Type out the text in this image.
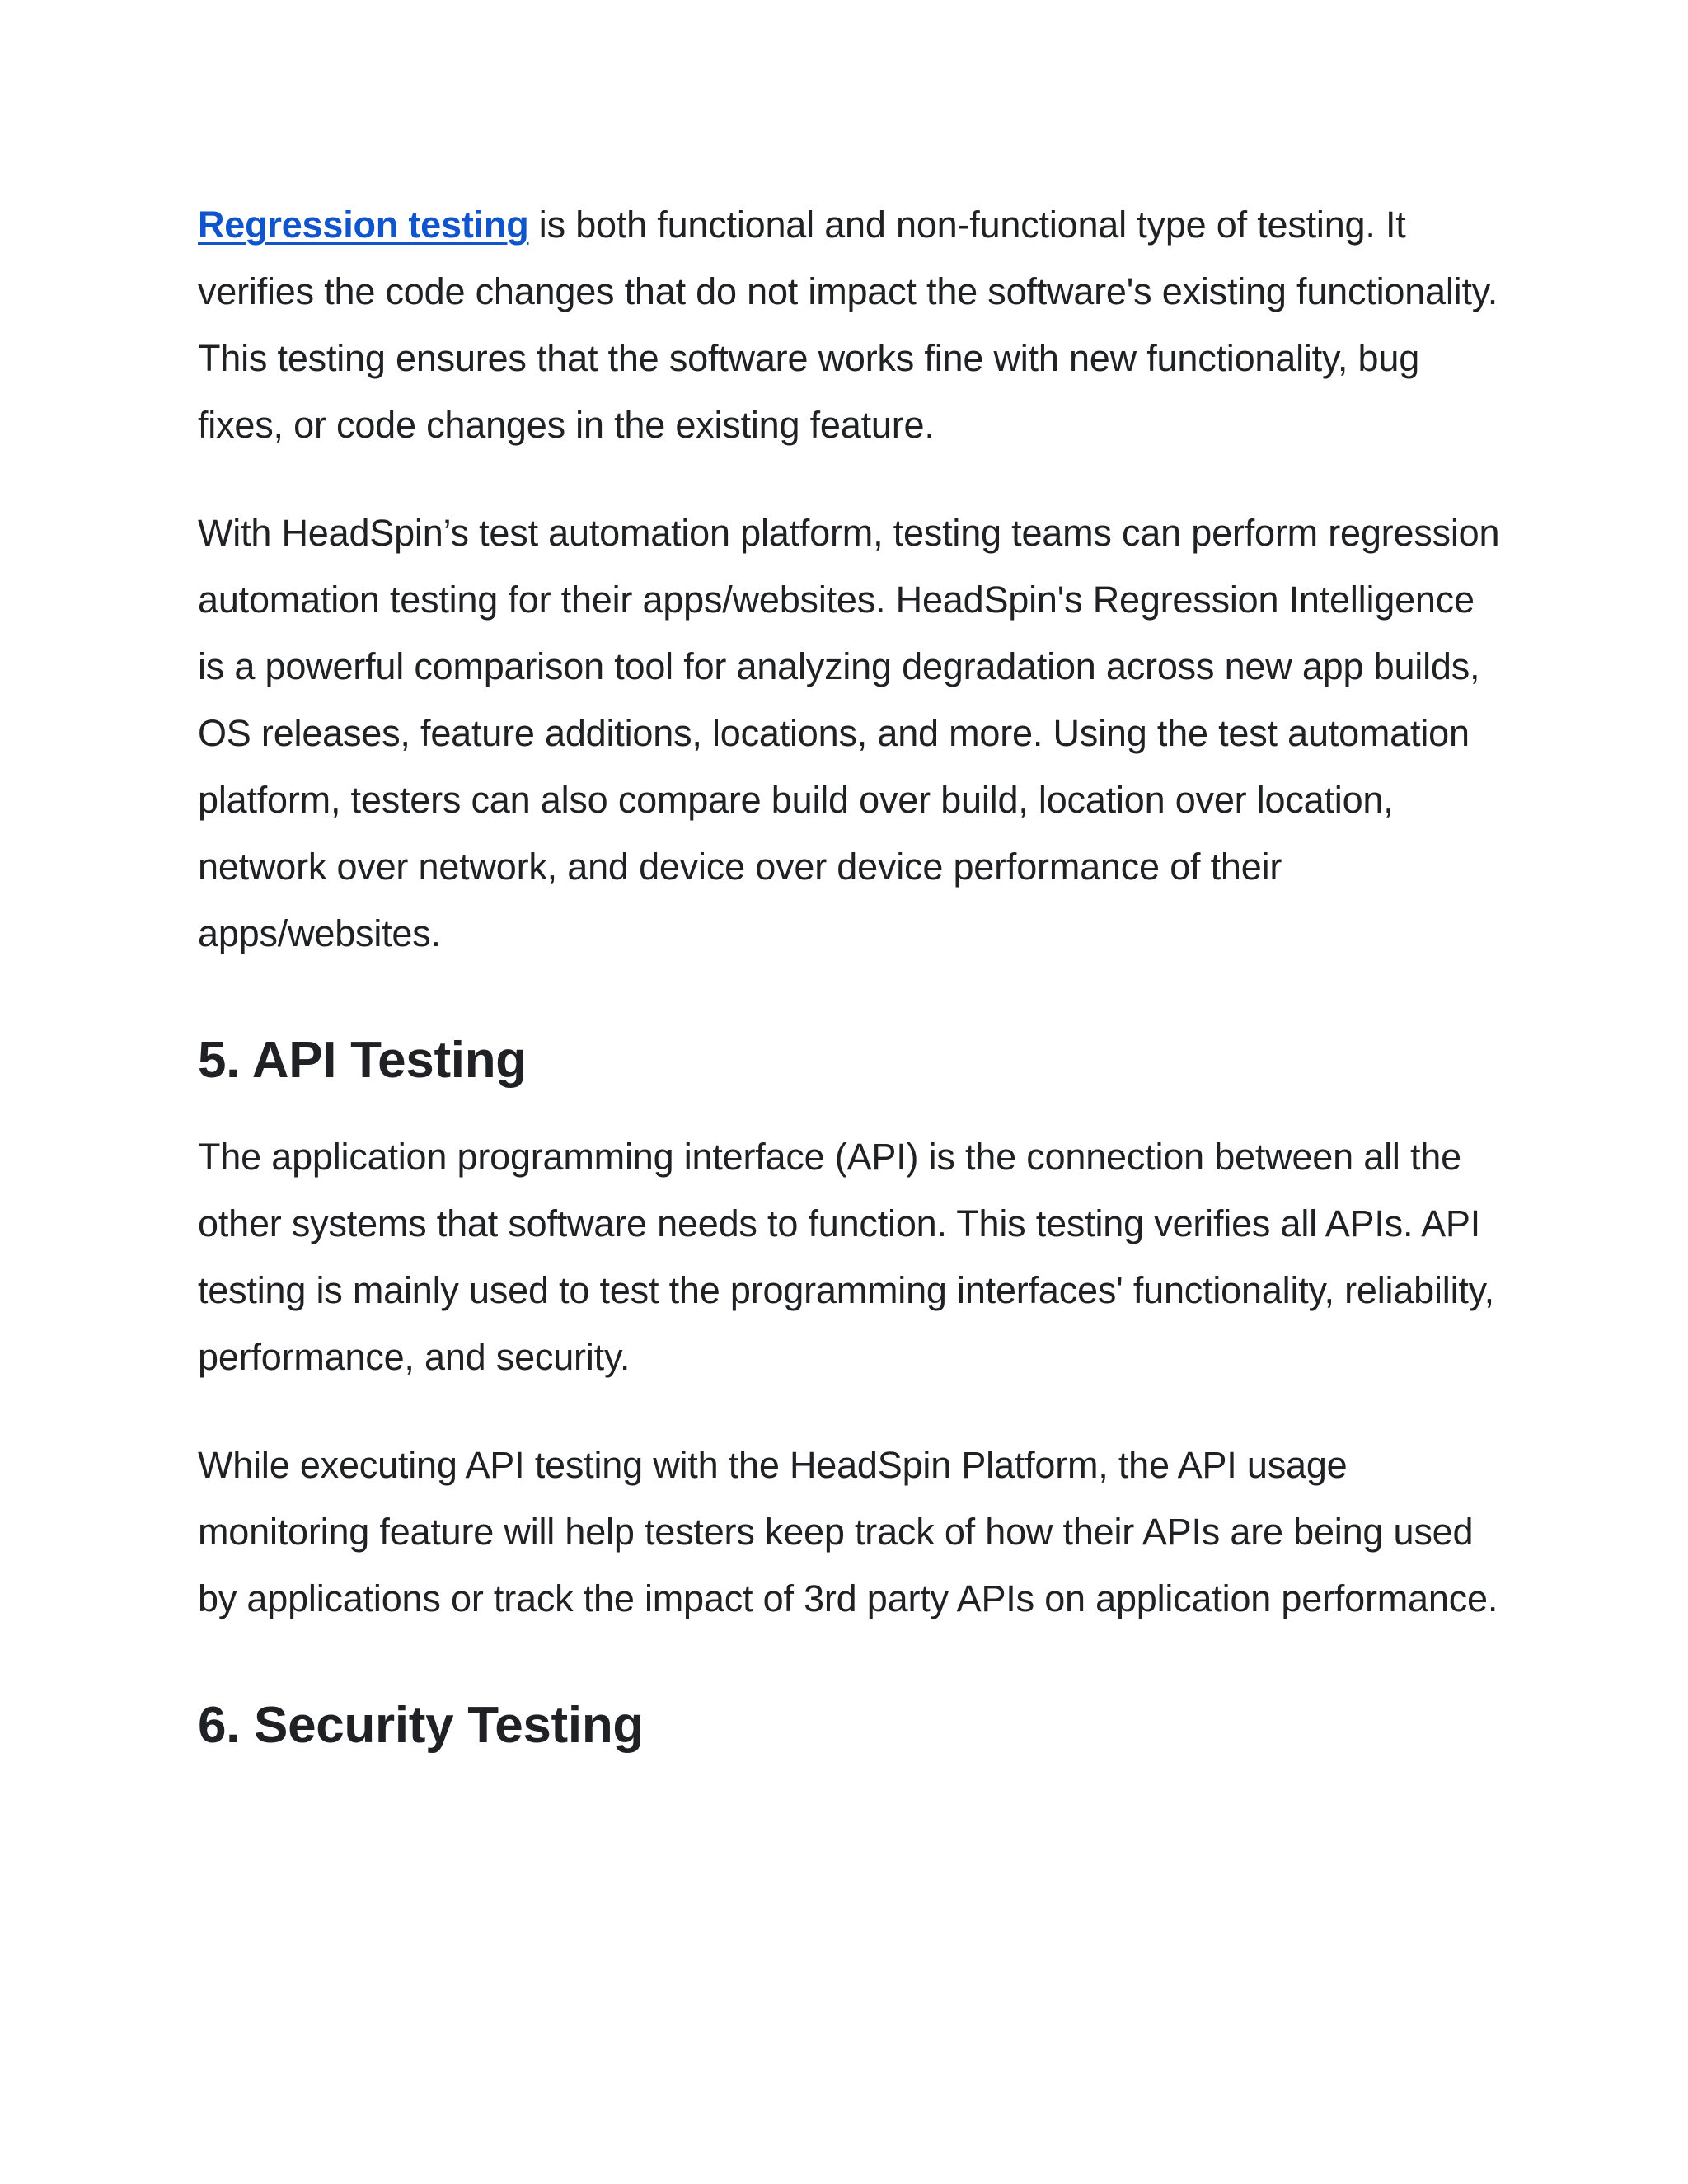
Regression testing is both functional and non-functional type of testing. It verifies the code changes that do not impact the software's existing functionality. This testing ensures that the software works fine with new functionality, bug fixes, or code changes in the existing feature.

With HeadSpin’s test automation platform, testing teams can perform regression automation testing for their apps/websites. HeadSpin's Regression Intelligence is a powerful comparison tool for analyzing degradation across new app builds, OS releases, feature additions, locations, and more. Using the test automation platform, testers can also compare build over build, location over location, network over network, and device over device performance of their apps/websites.

5. API Testing

The application programming interface (API) is the connection between all the other systems that software needs to function. This testing verifies all APIs. API testing is mainly used to test the programming interfaces' functionality, reliability, performance, and security.

While executing API testing with the HeadSpin Platform, the API usage monitoring feature will help testers keep track of how their APIs are being used by applications or track the impact of 3rd party APIs on application performance.

6. Security Testing
